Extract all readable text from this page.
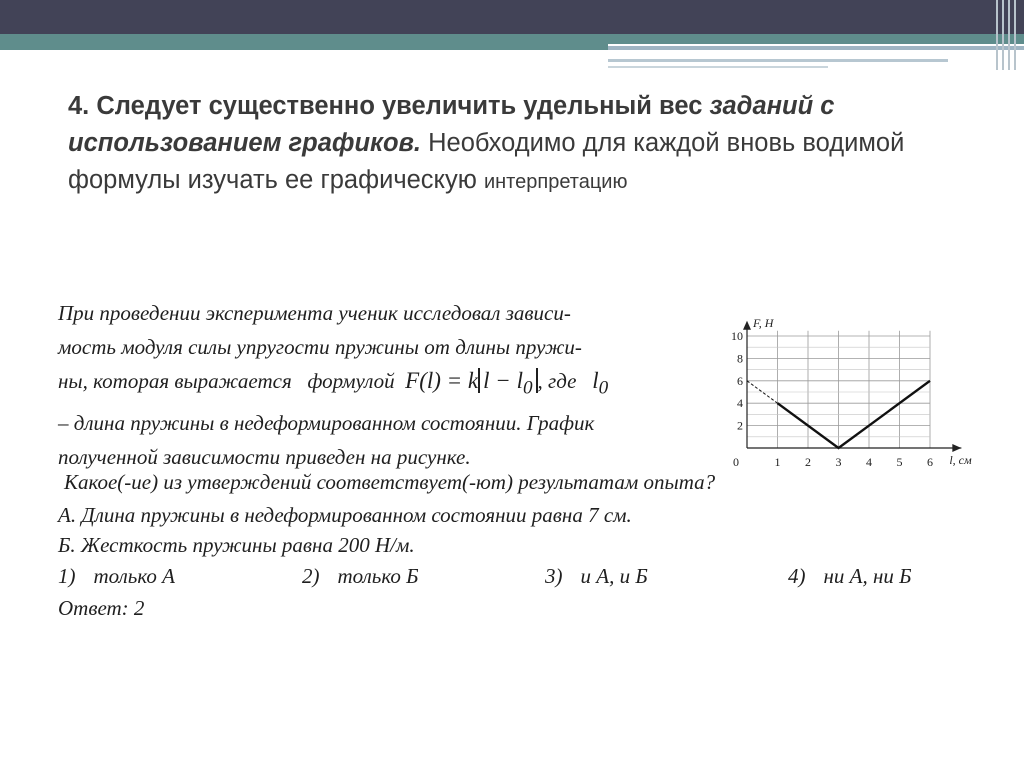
4. Следует существенно увеличить удельный вес заданий с использованием графиков. Необходимо для каждой вновь водимой формулы изучать ее графическую интерпретацию

При проведении эксперимента ученик исследовал зависи-

мость модуля силы упругости пружины от длины пружи-

ны, которая выражается формулой F(l) = k $l - l_0$ , где $l_0$

– длина пружины в недеформированном состоянии. График

полученной зависимости приведен на рисунке.	1 2 3 4 5 6
2
4
6
8
10
0	l, см
F, Н
Какое(-ие) из утверждений соответствует(-ют) результатам опыта?
А. Длина пружины в недеформированном состоянии равна 7 см.
Б. Жесткость пружины равна 200 Н/м.
1) только А	2) только Б	3) и А, и Б	4) ни А, ни Б
Ответ: 2
